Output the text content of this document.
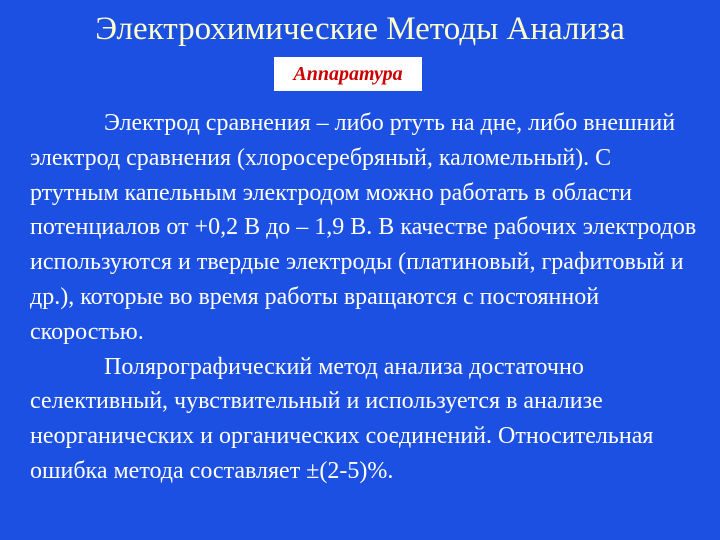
Электрохимические Методы Анализа
Аппаратура

Электрод сравнения – либо ртуть на дне, либо внешний электрод сравнения (хлоросеребряный, каломельный). С ртутным капельным электродом можно работать в области потенциалов от +0,2 В до – 1,9 В. В качестве рабочих электродов используются и твердые электроды (платиновый, графитовый и др.), которые во время работы вращаются с постоянной скоростью.

Полярографический метод анализа достаточно селективный, чувствительный и используется в анализе неорганических и органических соединений. Относительная ошибка метода составляет ±(2-5)%.
